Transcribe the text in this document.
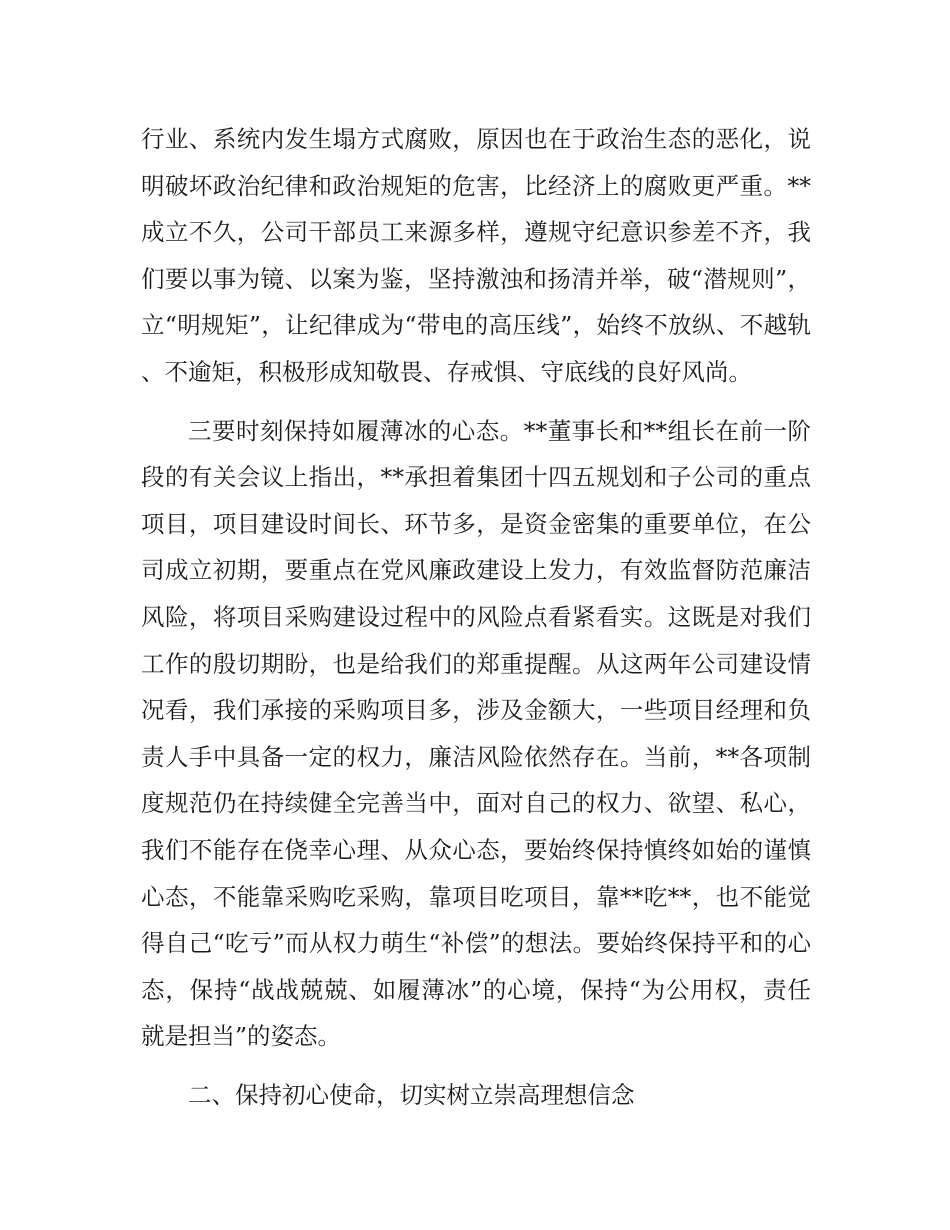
行业、系统内发生塌方式腐败，原因也在于政治生态的恶化，说明破坏政治纪律和政治规矩的危害，比经济上的腐败更严重。**成立不久，公司干部员工来源多样，遵规守纪意识参差不齐，我们要以事为镜、以案为鉴，坚持激浊和扬清并举，破“潜规则”，立“明规矩”，让纪律成为“带电的高压线”，始终不放纵、不越轨、不逾矩，积极形成知敬畏、存戒惧、守底线的良好风尚。

三要时刻保持如履薄冰的心态。**董事长和**组长在前一阶段的有关会议上指出，**承担着集团十四五规划和子公司的重点项目，项目建设时间长、环节多，是资金密集的重要单位，在公司成立初期，要重点在党风廉政建设上发力，有效监督防范廉洁风险，将项目采购建设过程中的风险点看紧看实。这既是对我们工作的殷切期盼，也是给我们的郑重提醒。从这两年公司建设情况看，我们承接的采购项目多，涉及金额大，一些项目经理和负责人手中具备一定的权力，廉洁风险依然存在。当前，**各项制度规范仍在持续健全完善当中，面对自己的权力、欲望、私心，我们不能存在侥幸心理、从众心态，要始终保持慎终如始的谨慎心态，不能靠采购吃采购，靠项目吃项目，靠**吃**，也不能觉得自己“吃亏”而从权力萌生“补偿”的想法。要始终保持平和的心态，保持“战战兢兢、如履薄冰”的心境，保持“为公用权，责任就是担当”的姿态。

二、保持初心使命，切实树立崇高理想信念
